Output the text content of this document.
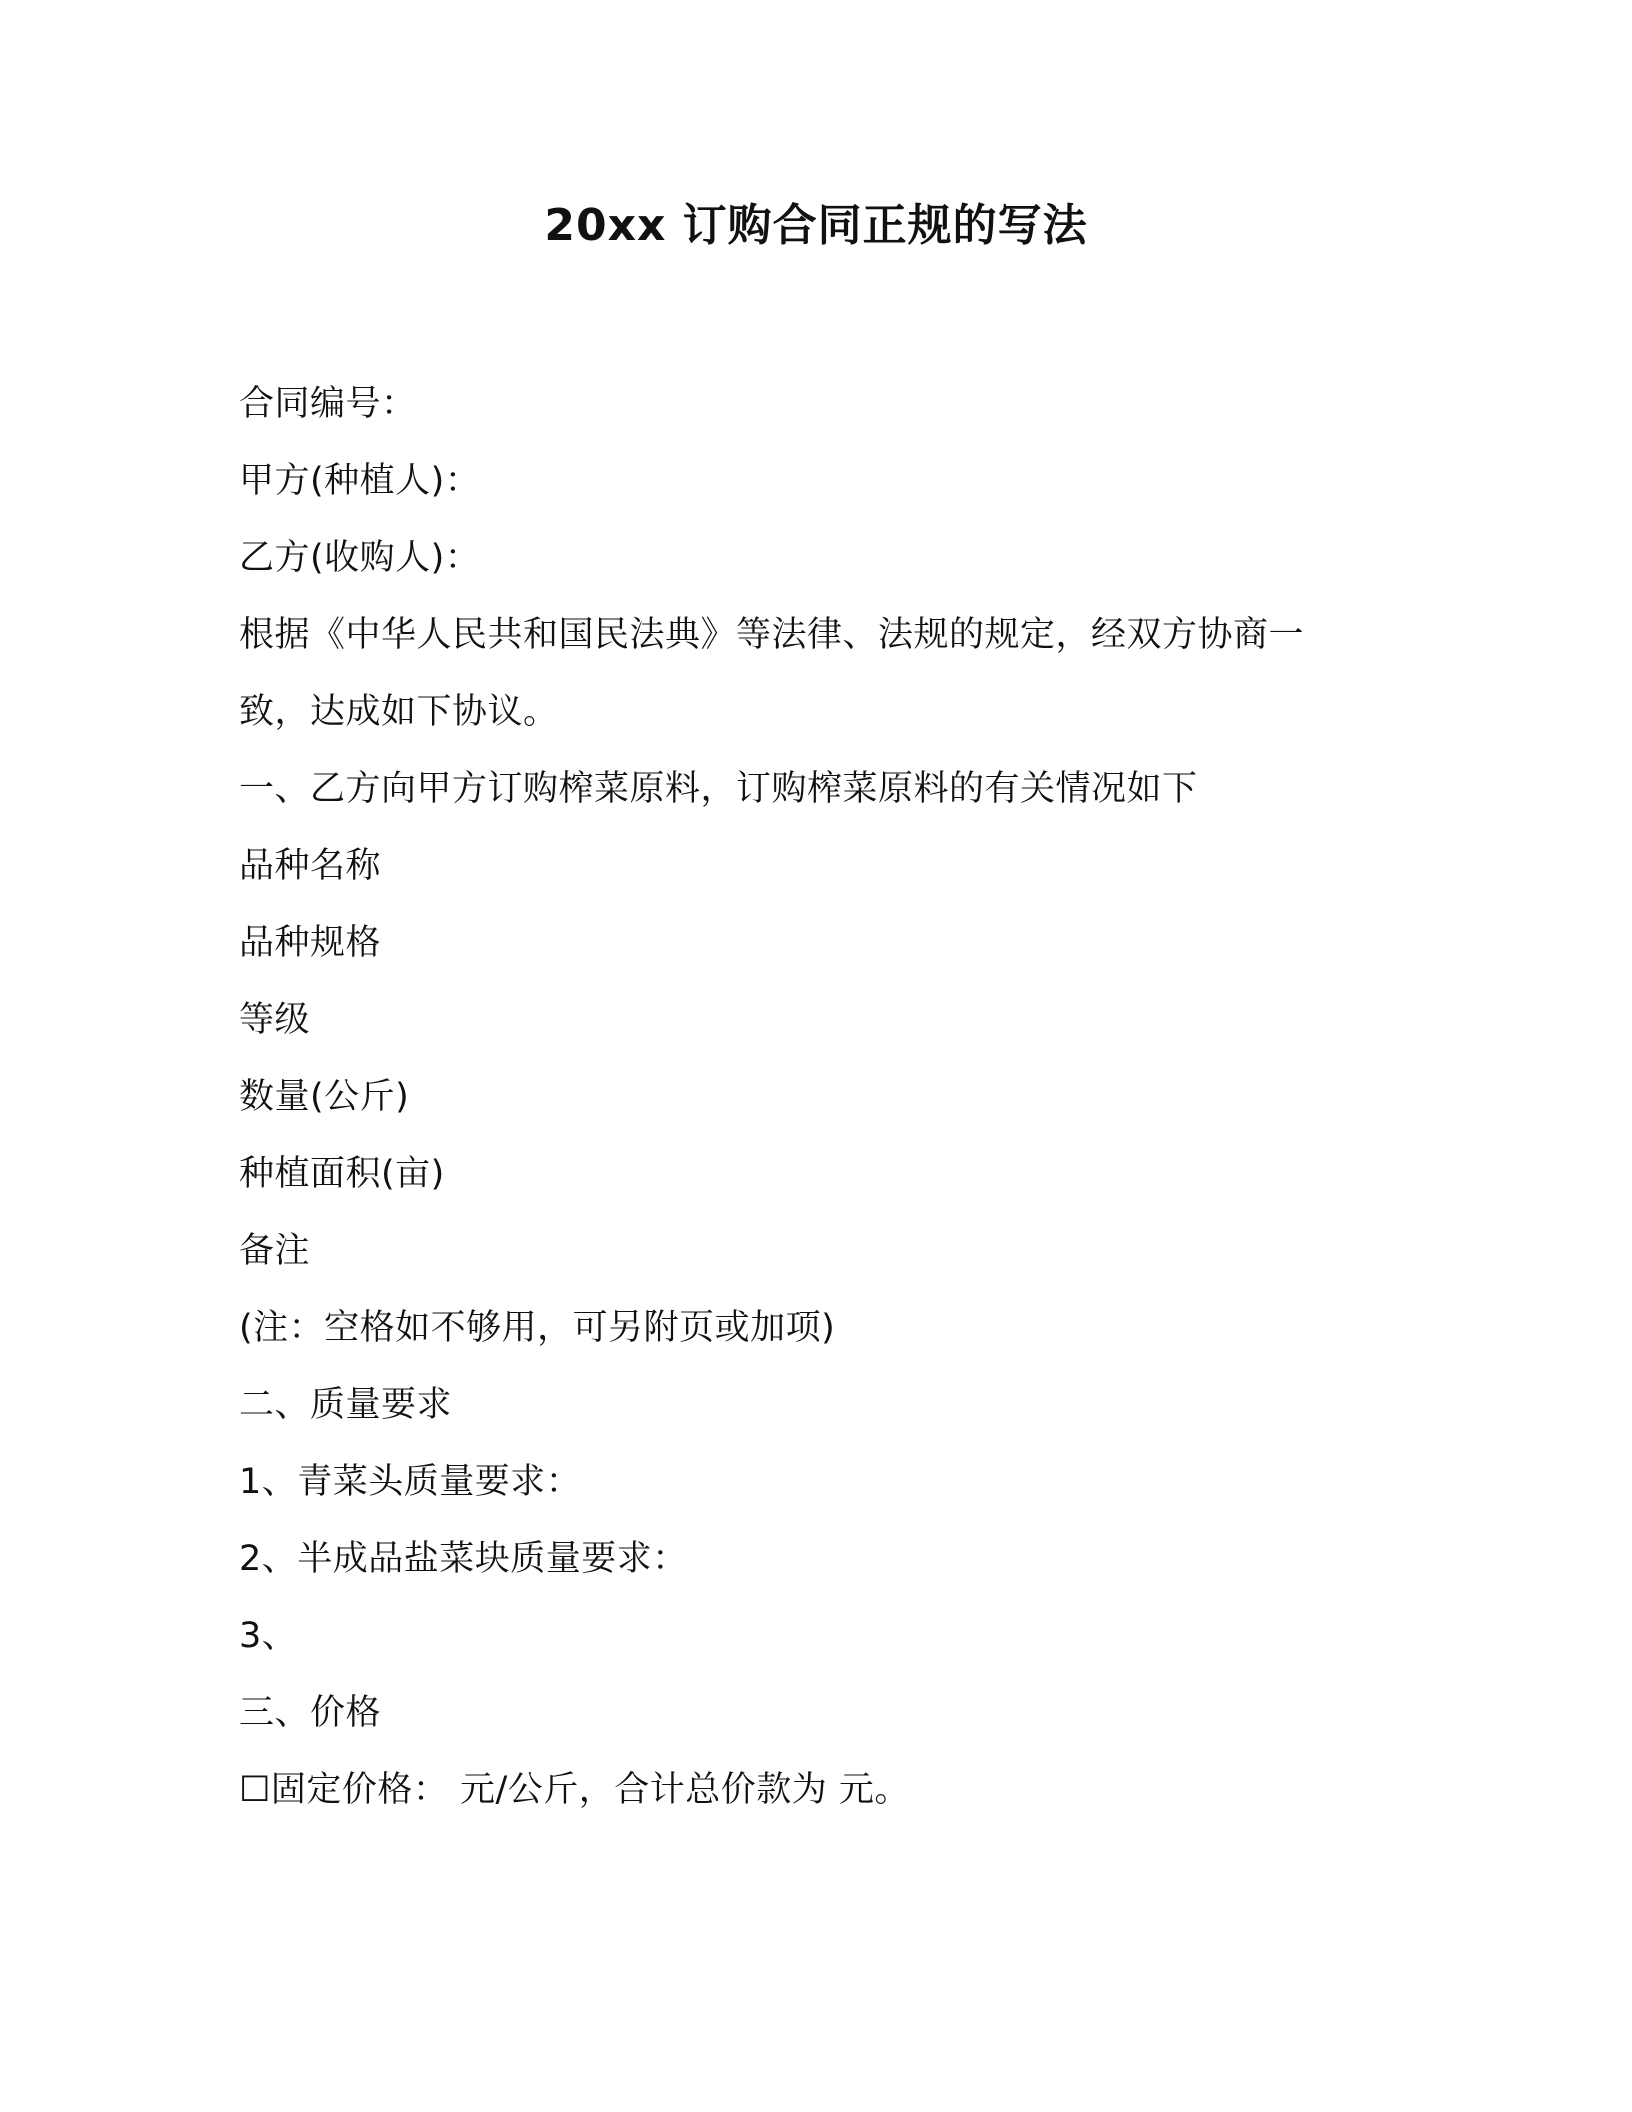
20xx 订购合同正规的写法
合同编号：
甲方(种植人)：
乙方(收购人)：
根据《中华人民共和国民法典》等法律、法规的规定，经双方协商一
致，达成如下协议。
一、乙方向甲方订购榨菜原料，订购榨菜原料的有关情况如下
品种名称
品种规格
等级
数量(公斤)
种植面积(亩)
备注
(注：空格如不够用，可另附页或加项)
二、质量要求
1、青菜头质量要求：
2、半成品盐菜块质量要求：
3、
三、价格
☐固定价格： 元/公斤，合计总价款为 元。
